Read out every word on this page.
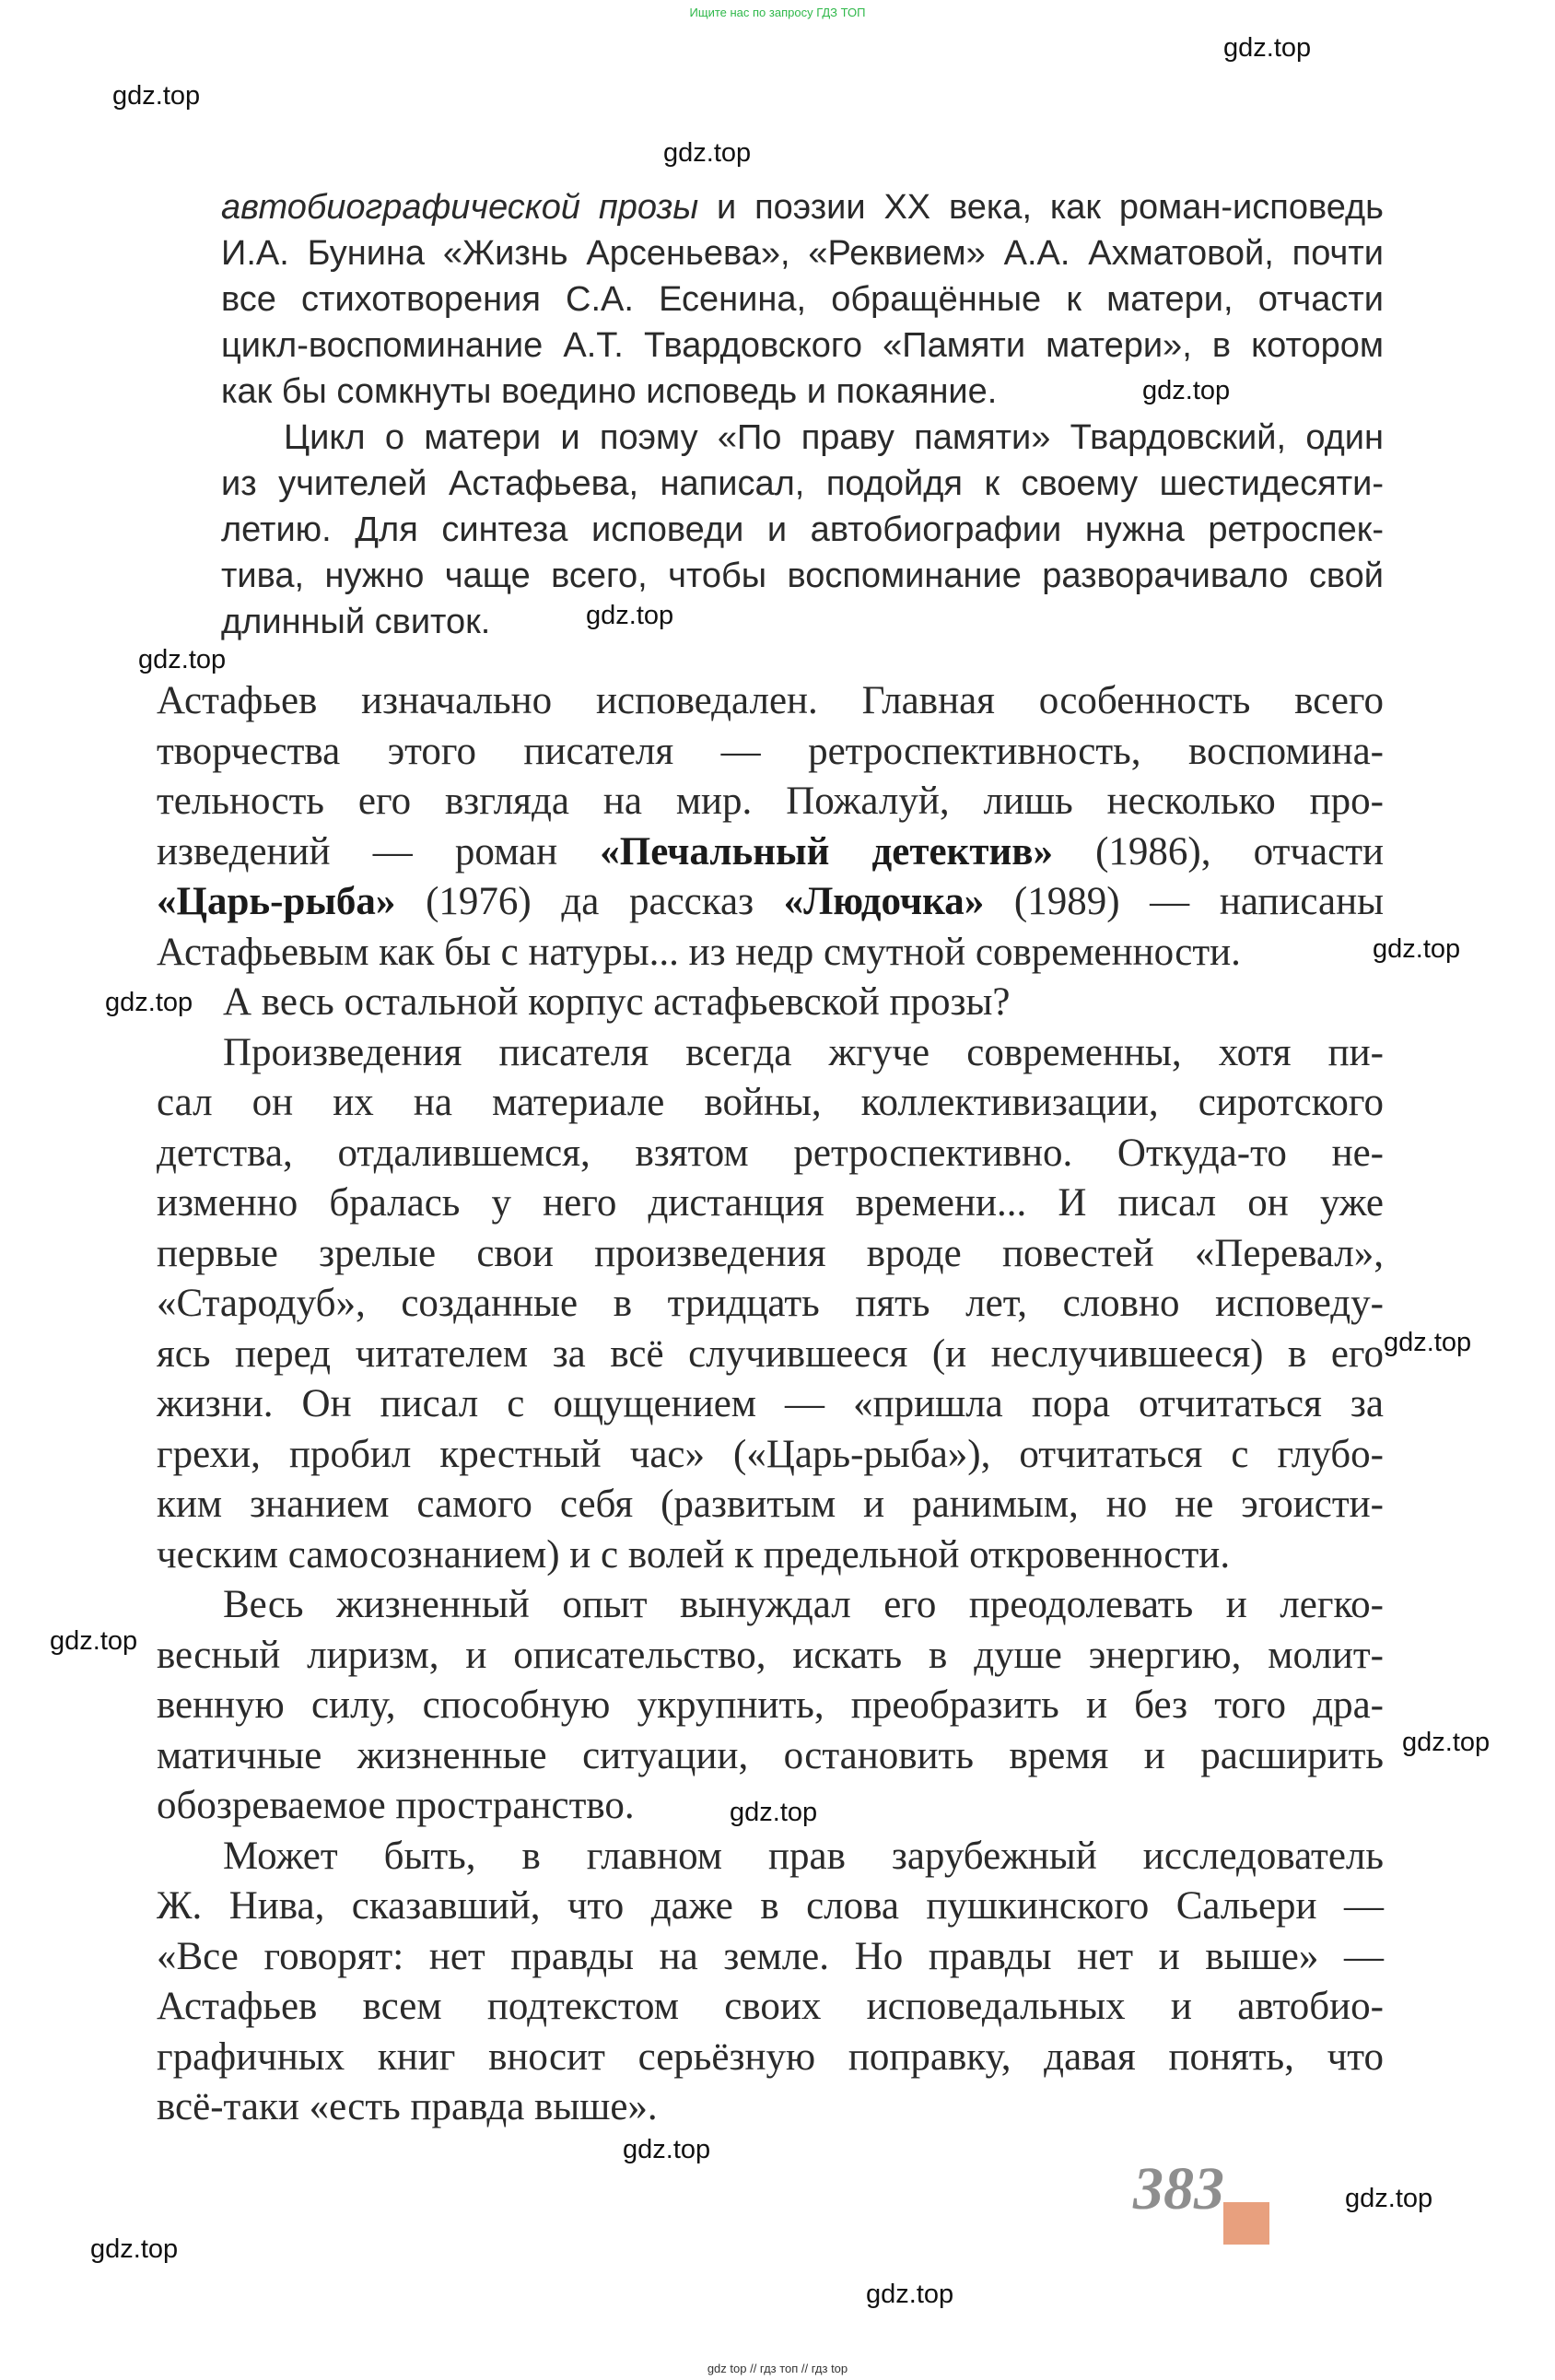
Ищите нас по запросу ГДЗ ТОП
gdz.top
gdz.top
gdz.top
gdz.top
gdz.top
gdz.top
gdz.top
gdz.top
gdz.top
gdz.top
gdz.top
gdz.top
gdz.top
gdz.top
gdz.top
gdz.top
автобиографической прозы и поэзии XX века, как роман-исповедь
И.А. Бунина «Жизнь Арсеньева», «Реквием» А.А. Ахматовой, почти
все стихотворения С.А. Есенина, обращённые к матери, отчасти
цикл-воспоминание А.Т. Твардовского «Памяти матери», в котором
как бы сомкнуты воедино исповедь и покаяние.
Цикл о матери и поэму «По праву памяти» Твардовский, один
из учителей Астафьева, написал, подойдя к своему шестидесяти-
летию. Для синтеза исповеди и автобиографии нужна ретроспек-
тива, нужно чаще всего, чтобы воспоминание разворачивало свой
длинный свиток.
Астафьев изначально исповедален. Главная особенность всего
творчества этого писателя — ретроспективность, воспомина-
тельность его взгляда на мир. Пожалуй, лишь несколько про-
изведений — роман «Печальный детектив» (1986), отчасти
«Царь-рыба» (1976) да рассказ «Людочка» (1989) — написаны
Астафьевым как бы с натуры... из недр смутной современности.
А весь остальной корпус астафьевской прозы?
Произведения писателя всегда жгуче современны, хотя пи-
сал он их на материале войны, коллективизации, сиротского
детства, отдалившемся, взятом ретроспективно. Откуда-то не-
изменно бралась у него дистанция времени... И писал он уже
первые зрелые свои произведения вроде повестей «Перевал»,
«Стародуб», созданные в тридцать пять лет, словно исповеду-
ясь перед читателем за всё случившееся (и неслучившееся) в его
жизни. Он писал с ощущением — «пришла пора отчитаться за
грехи, пробил крестный час» («Царь-рыба»), отчитаться с глубо-
ким знанием самого себя (развитым и ранимым, но не эгоисти-
ческим самосознанием) и с волей к предельной откровенности.
Весь жизненный опыт вынуждал его преодолевать и легко-
весный лиризм, и описательство, искать в душе энергию, молит-
венную силу, способную укрупнить, преобразить и без того дра-
матичные жизненные ситуации, остановить время и расширить
обозреваемое пространство.
Может быть, в главном прав зарубежный исследователь
Ж. Нива, сказавший, что даже в слова пушкинского Сальери —
«Все говорят: нет правды на земле. Но правды нет и выше» —
Астафьев всем подтекстом своих исповедальных и автобио-
графичных книг вносит серьёзную поправку, давая понять, что
всё-таки «есть правда выше».
383
gdz top // гдз топ // гдз top
